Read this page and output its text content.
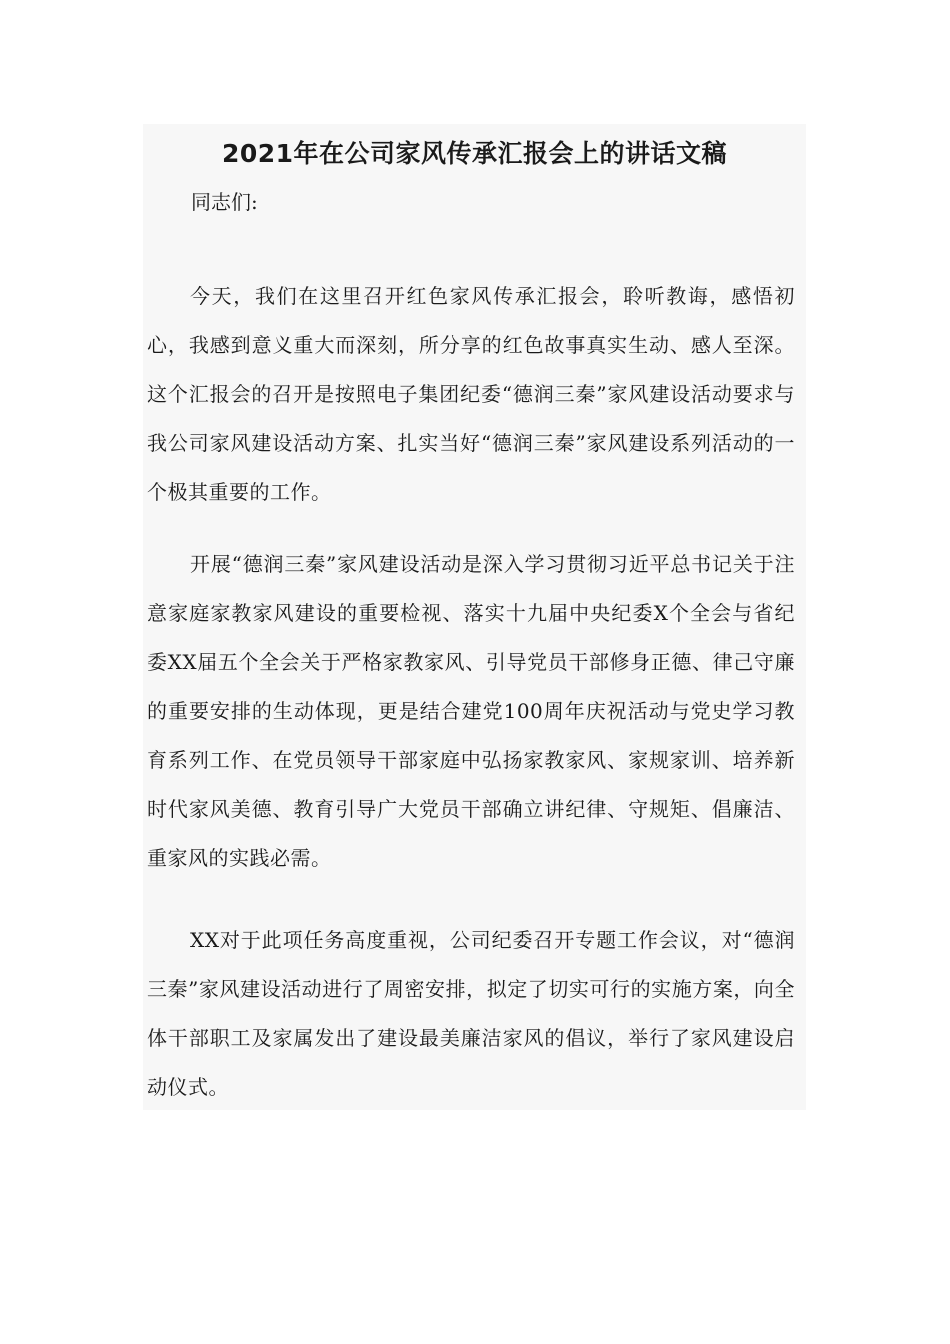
2021年在公司家风传承汇报会上的讲话文稿

同志们:

今天，我们在这里召开红色家风传承汇报会，聆听教诲，感悟初心，我感到意义重大而深刻，所分享的红色故事真实生动、感人至深。这个汇报会的召开是按照电子集团纪委“德润三秦”家风建设活动要求与我公司家风建设活动方案、扎实当好“德润三秦”家风建设系列活动的一个极其重要的工作。

开展“德润三秦”家风建设活动是深入学习贯彻习近平总书记关于注意家庭家教家风建设的重要检视、落实十九届中央纪委X个全会与省纪委XX届五个全会关于严格家教家风、引导党员干部修身正德、律己守廉的重要安排的生动体现，更是结合建党100周年庆祝活动与党史学习教育系列工作、在党员领导干部家庭中弘扬家教家风、家规家训、培养新时代家风美德、教育引导广大党员干部确立讲纪律、守规矩、倡廉洁、重家风的实践必需。

XX对于此项任务高度重视，公司纪委召开专题工作会议，对“德润三秦”家风建设活动进行了周密安排，拟定了切实可行的实施方案，向全体干部职工及家属发出了建设最美廉洁家风的倡议，举行了家风建设启动仪式。
